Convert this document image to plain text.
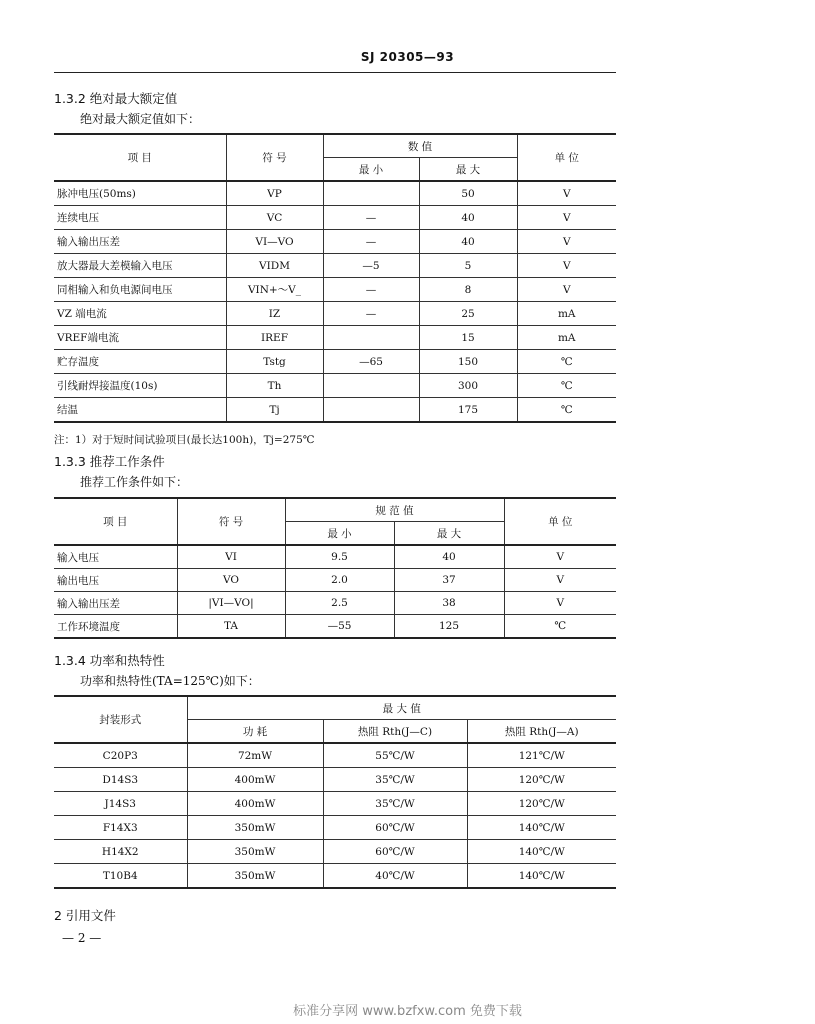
SJ 20305—93
1.3.2 绝对最大额定值
绝对最大额定值如下：
项 目	符 号	数 值		单 位
		最 小	最 大	
脉冲电压(50ms)	VP		50	V
连续电压	VC	—	40	V
输入输出压差	VI—VO	—	40	V
放大器最大差模输入电压	VIDM	—5	5	V
同相输入和负电源间电压	VIN+～V_	—	8	V
VZ 端电流	IZ	—	25	mA
VREF端电流	IREF		15	mA
贮存温度	Tstg	—65	150	℃
引线耐焊接温度(10s)	Th		300	℃
结温	Tj		175	℃
注：1）对于短时间试验项目(最长达100h)，Tj=275℃
1.3.3 推荐工作条件
推荐工作条件如下：
项 目	符 号	规 范 值		单 位
		最 小	最 大	
输入电压	VI	9.5	40	V
输出电压	VO	2.0	37	V
输入输出压差	|VI—VO|	2.5	38	V
工作环境温度	TA	—55	125	℃
1.3.4 功率和热特性
功率和热特性(TA=125℃)如下：
封装形式	最 大 值		
	功 耗	热阻 Rth(J—C)	热阻 Rth(J—A)
C20P3	72mW	55℃/W	121℃/W
D14S3	400mW	35℃/W	120℃/W
J14S3	400mW	35℃/W	120℃/W
F14X3	350mW	60℃/W	140℃/W
H14X2	350mW	60℃/W	140℃/W
T10B4	350mW	40℃/W	140℃/W
2 引用文件
— 2 —
标准分享网 www.bzfxw.com 免费下载
